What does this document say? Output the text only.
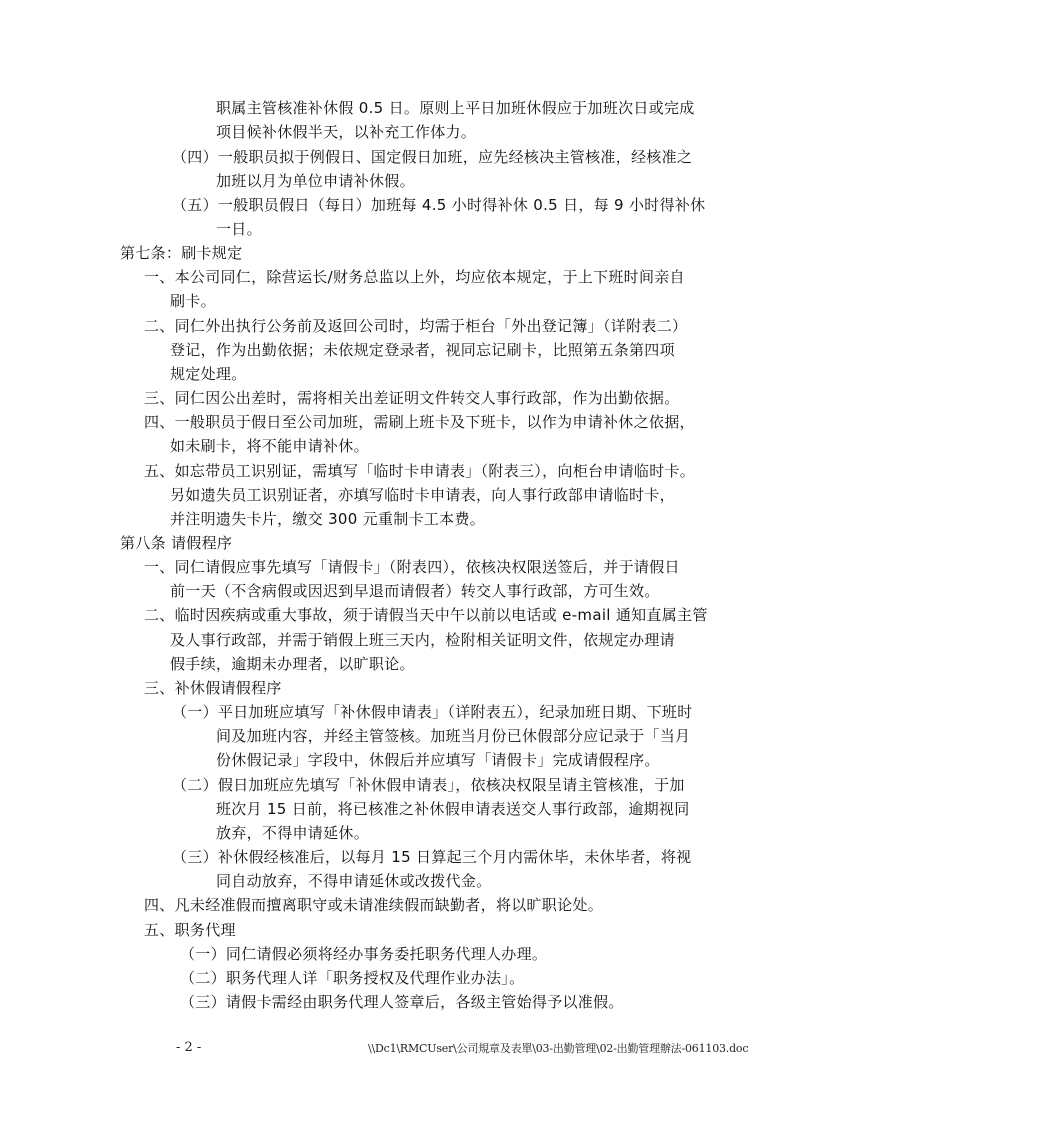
职属主管核准补休假 0.5 日。原则上平日加班休假应于加班次日或完成
项目候补休假半天，以补充工作体力。
（四）一般职员拟于例假日、国定假日加班，应先经核决主管核准，经核准之
加班以月为单位申请补休假。
（五）一般职员假日（每日）加班每 4.5 小时得补休 0.5 日，每 9 小时得补休
一日。
第七条：刷卡规定
一、本公司同仁，除营运长/财务总监以上外，均应依本规定，于上下班时间亲自
刷卡。
二、同仁外出执行公务前及返回公司时，均需于柜台「外出登记簿」（详附表二）
登记，作为出勤依据；未依规定登录者，视同忘记刷卡，比照第五条第四项
规定处理。
三、同仁因公出差时，需将相关出差证明文件转交人事行政部，作为出勤依据。
四、一般职员于假日至公司加班，需刷上班卡及下班卡，以作为申请补休之依据，
如未刷卡，将不能申请补休。
五、如忘带员工识别证，需填写「临时卡申请表」（附表三），向柜台申请临时卡。
另如遗失员工识别证者，亦填写临时卡申请表，向人事行政部申请临时卡，
并注明遗失卡片，缴交 300 元重制卡工本费。
第八条 请假程序
一、同仁请假应事先填写「请假卡」（附表四），依核决权限送签后，并于请假日
前一天（不含病假或因迟到早退而请假者）转交人事行政部，方可生效。
二、临时因疾病或重大事故，须于请假当天中午以前以电话或 e-mail 通知直属主管
及人事行政部，并需于销假上班三天内，检附相关证明文件，依规定办理请
假手续，逾期未办理者，以旷职论。
三、补休假请假程序
（一）平日加班应填写「补休假申请表」（详附表五），纪录加班日期、下班时
间及加班内容，并经主管签核。加班当月份已休假部分应记录于「当月
份休假记录」字段中，休假后并应填写「请假卡」完成请假程序。
（二）假日加班应先填写「补休假申请表」，依核决权限呈请主管核准，于加
班次月 15 日前，将已核准之补休假申请表送交人事行政部，逾期视同
放弃，不得申请延休。
（三）补休假经核准后，以每月 15 日算起三个月内需休毕，未休毕者，将视
同自动放弃，不得申请延休或改拨代金。
四、凡未经准假而擅离职守或未请准续假而缺勤者，将以旷职论处。
五、职务代理
（一）同仁请假必须将经办事务委托职务代理人办理。
（二）职务代理人详「职务授权及代理作业办法」。
（三）请假卡需经由职务代理人签章后，各级主管始得予以准假。
- 2 -	\\Dc1\RMCUser\公司規章及表單\03-出勤管理\02-出勤管理辦法-061103.doc
